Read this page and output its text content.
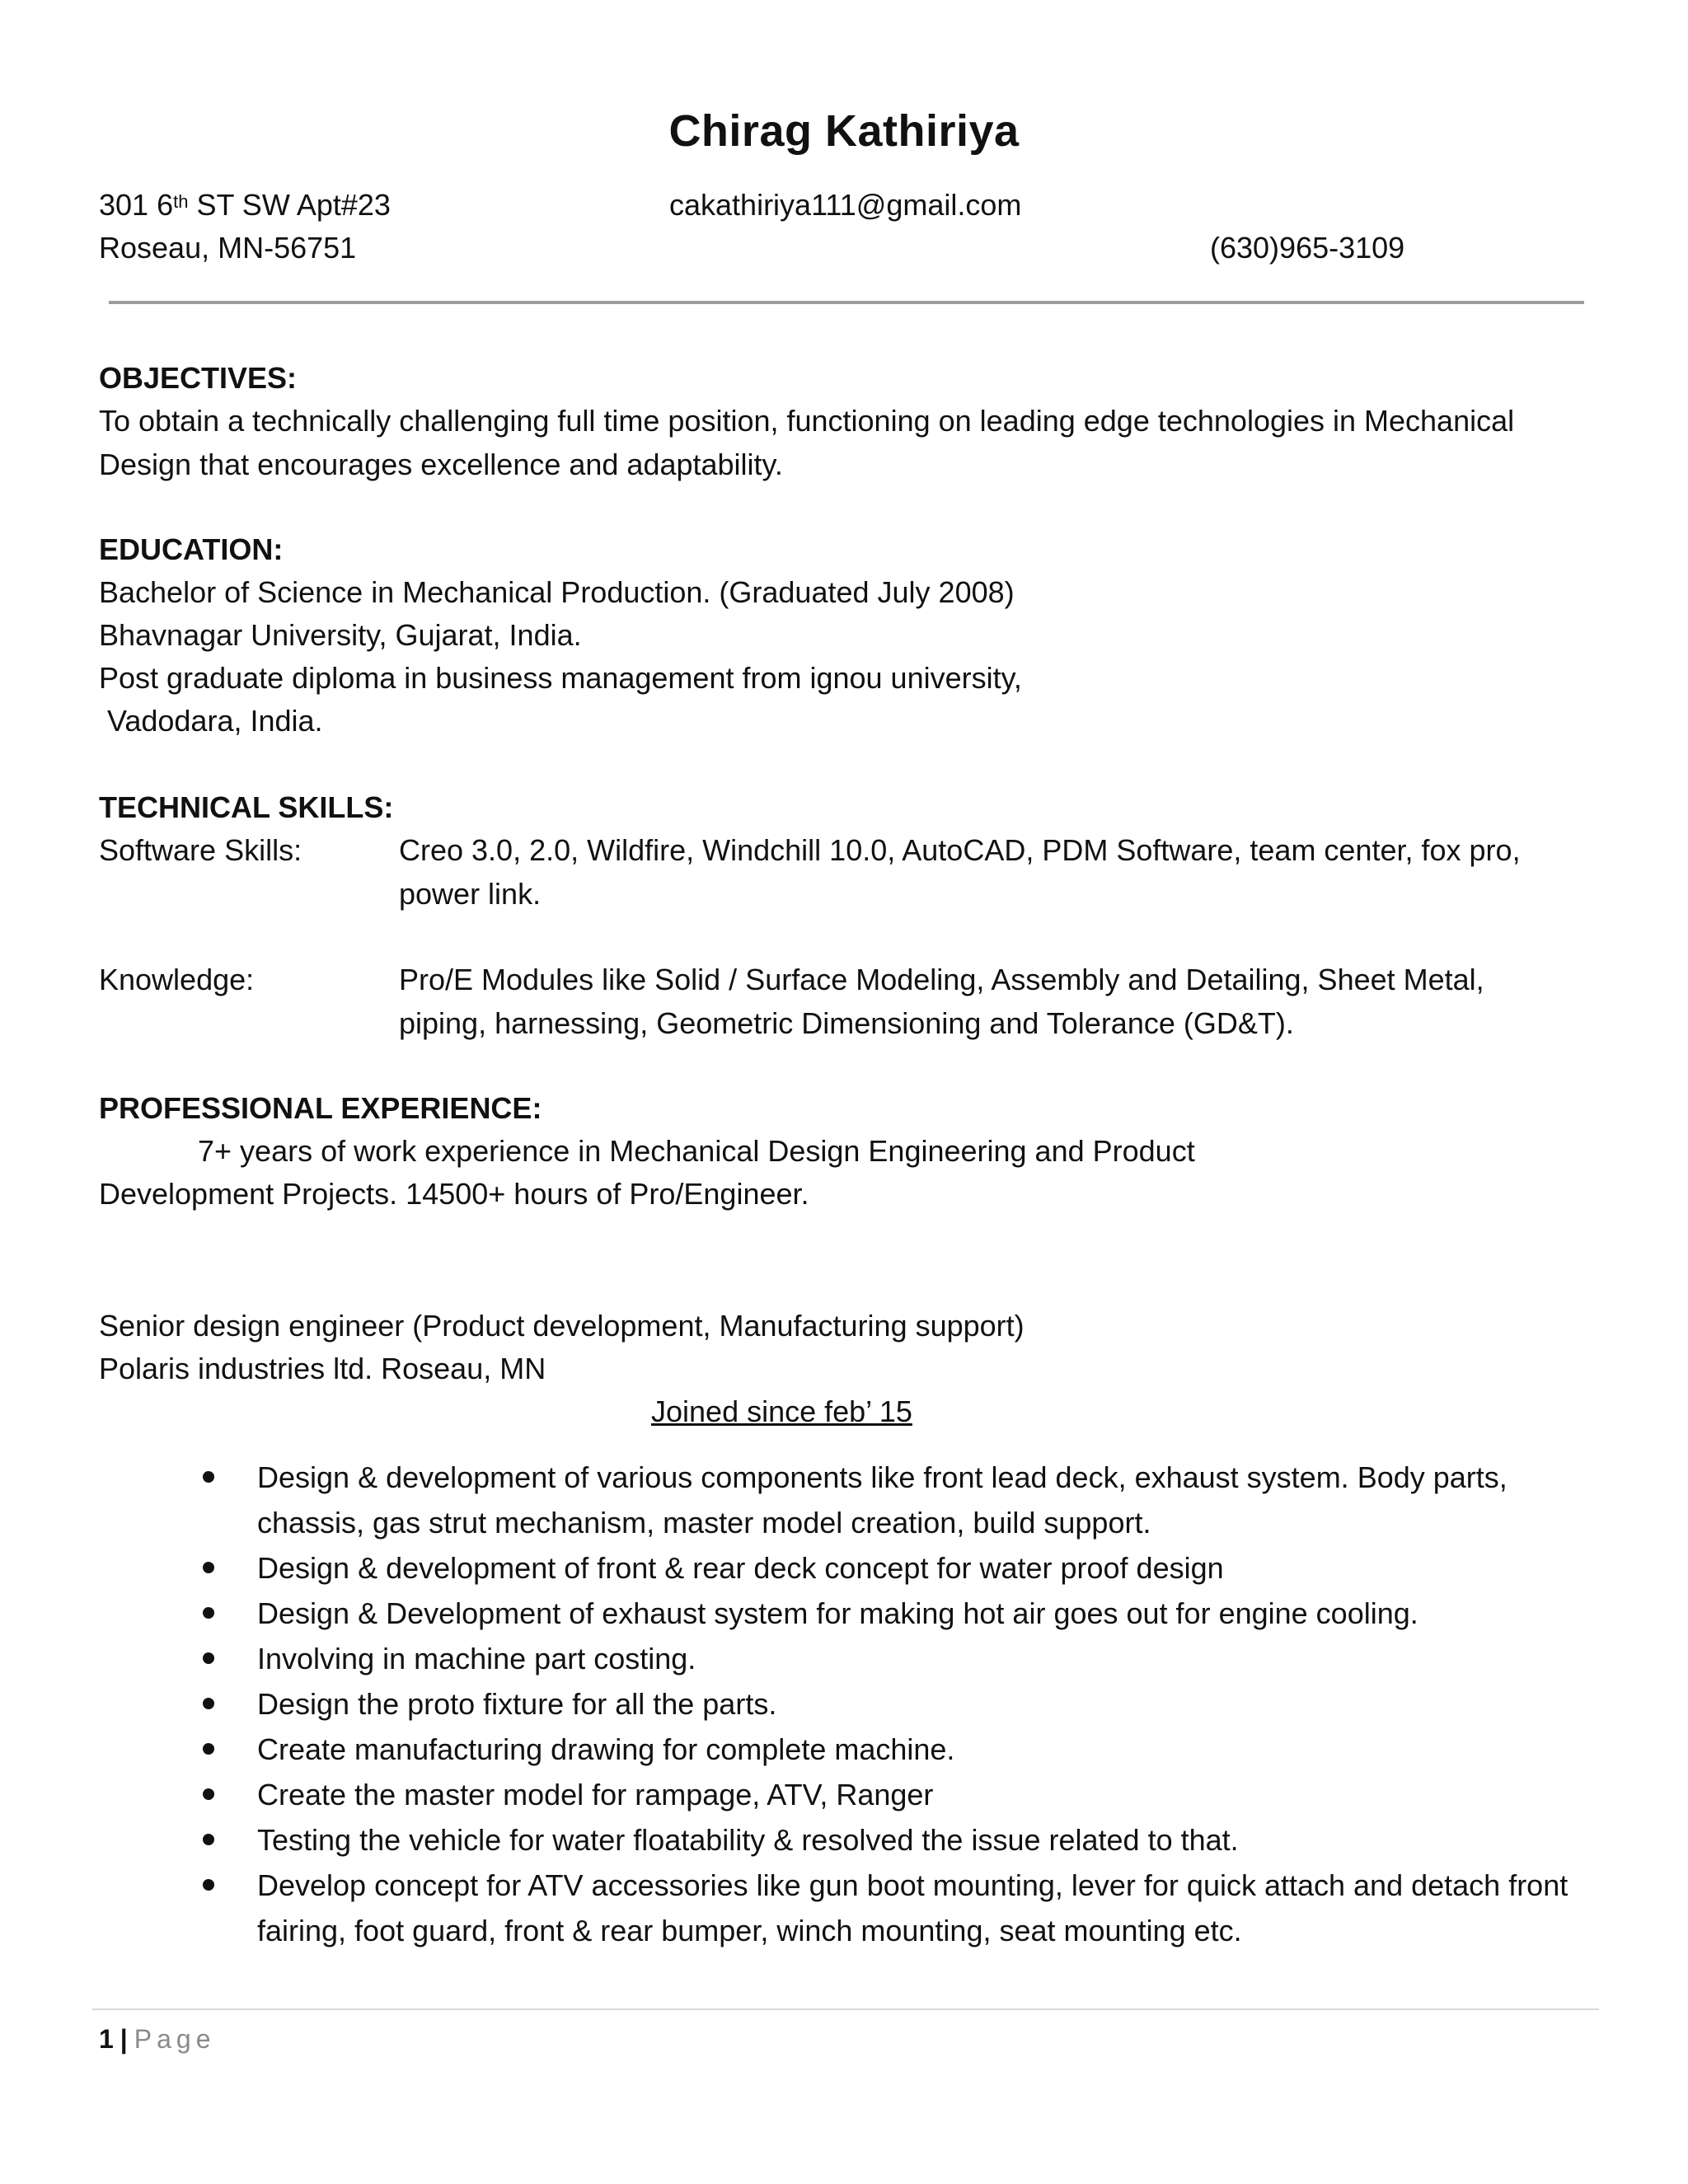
Chirag Kathiriya
301 6th ST SW Apt#23	cakathiriya111@gmail.com
Roseau, MN-56751	(630)965-3109
OBJECTIVES:
To obtain a technically challenging full time position, functioning on leading edge technologies in Mechanical Design that encourages excellence and adaptability.
EDUCATION:
Bachelor of Science in Mechanical Production. (Graduated July 2008)
Bhavnagar University, Gujarat, India.
Post graduate diploma in business management from ignou university,
Vadodara, India.
TECHNICAL SKILLS:
Software Skills:	Creo 3.0, 2.0, Wildfire, Windchill 10.0, AutoCAD, PDM Software, team center, fox pro, power link.
Knowledge:	Pro/E Modules like Solid / Surface Modeling, Assembly and Detailing, Sheet Metal, piping, harnessing, Geometric Dimensioning and Tolerance (GD&T).
PROFESSIONAL EXPERIENCE:
7+ years of work experience in Mechanical Design Engineering and Product
Development Projects. 14500+ hours of Pro/Engineer.
Senior design engineer (Product development, Manufacturing support)
Polaris industries ltd. Roseau, MN
Joined since feb’ 15
Design & development of various components like front lead deck, exhaust system. Body parts, chassis, gas strut mechanism, master model creation, build support.
Design & development of front & rear deck concept for water proof design
Design & Development of exhaust system for making hot air goes out for engine cooling.
Involving in machine part costing.
Design the proto fixture for all the parts.
Create manufacturing drawing for complete machine.
Create the master model for rampage, ATV, Ranger
Testing the vehicle for water floatability & resolved the issue related to that.
Develop concept for ATV accessories like gun boot mounting, lever for quick attach and detach front fairing, foot guard, front & rear bumper, winch mounting, seat mounting etc.
1 | Page
